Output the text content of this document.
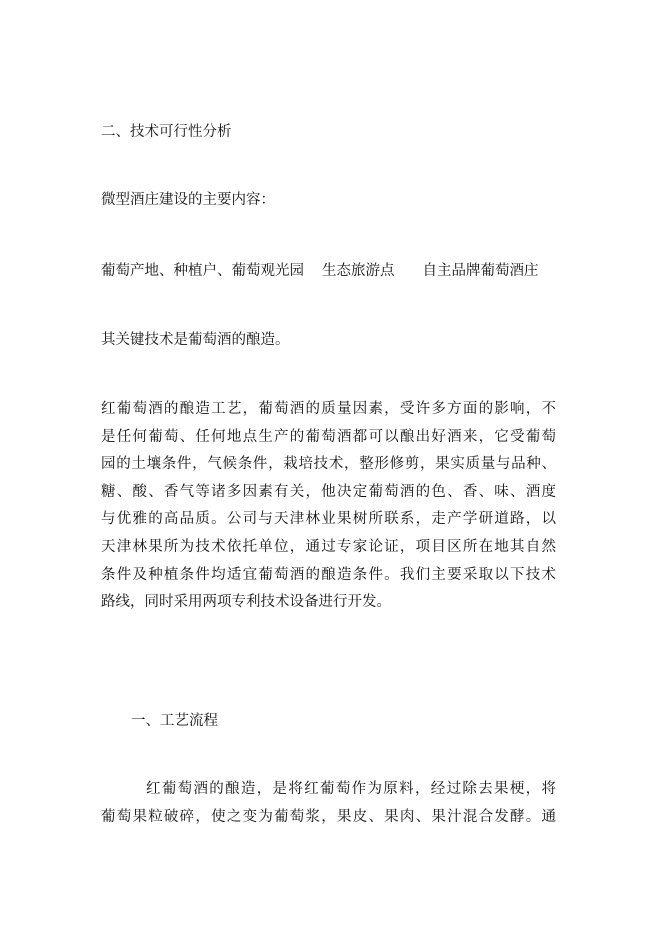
二、技术可行性分析
微型酒庄建设的主要内容：
葡萄产地、种植户、葡萄观光园 生态旅游点 自主品牌葡萄酒庄
其关键技术是葡萄酒的酿造。
红葡萄酒的酿造工艺，葡萄酒的质量因素，受许多方面的影响，不
是任何葡萄、任何地点生产的葡萄酒都可以酿出好酒来，它受葡萄
园的土壤条件，气候条件，栽培技术，整形修剪，果实质量与品种、
糖、酸、香气等诸多因素有关，他决定葡萄酒的色、香、味、酒度
与优雅的高品质。公司与天津林业果树所联系，走产学研道路，以
天津林果所为技术依托单位，通过专家论证，项目区所在地其自然
条件及种植条件均适宜葡萄酒的酿造条件。我们主要采取以下技术
路线，同时采用两项专利技术设备进行开发。
一、工艺流程
红葡萄酒的酿造，是将红葡萄作为原料，经过除去果梗，将
葡萄果粒破碎，使之变为葡萄浆，果皮、果肉、果汁混合发酵。通
